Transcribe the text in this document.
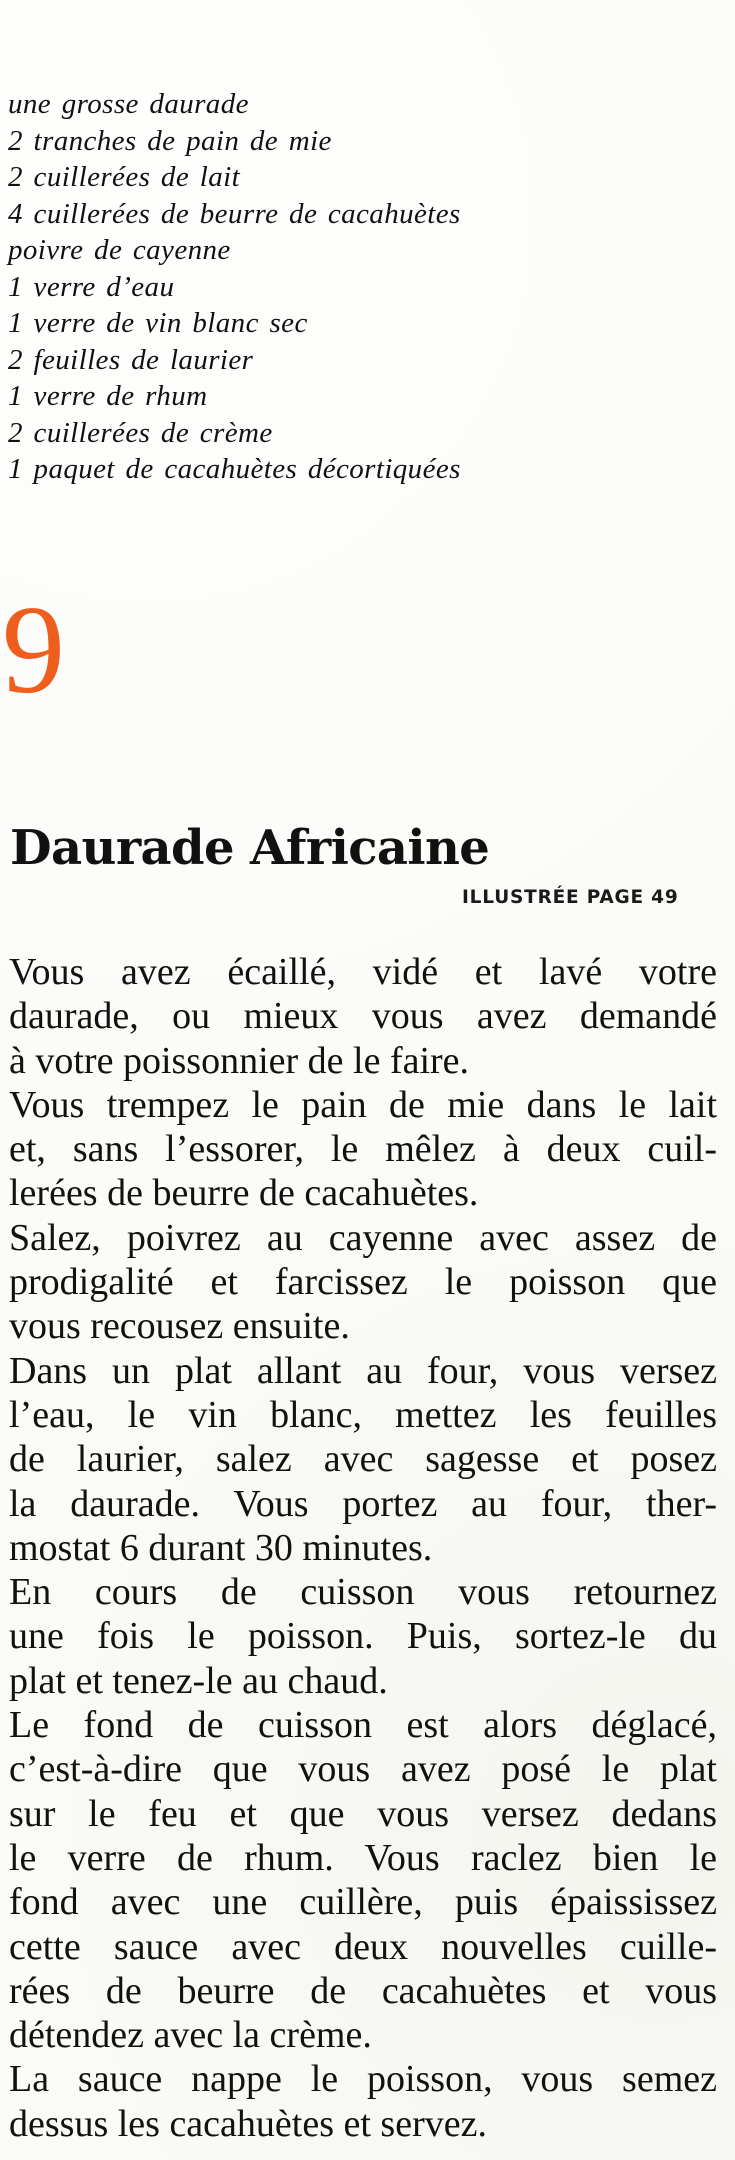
une grosse daurade
2 tranches de pain de mie
2 cuillerées de lait
4 cuillerées de beurre de cacahuètes
poivre de cayenne
1 verre d’eau
1 verre de vin blanc sec
2 feuilles de laurier
1 verre de rhum
2 cuillerées de crème
1 paquet de cacahuètes décortiquées
9
Daurade Africaine
ILLUSTRÉE PAGE 49
Vous avez écaillé, vidé et lavé votre
daurade, ou mieux vous avez demandé
à votre poissonnier de le faire.
Vous trempez le pain de mie dans le lait
et, sans l’essorer, le mêlez à deux cuil-
lerées de beurre de cacahuètes.
Salez, poivrez au cayenne avec assez de
prodigalité et farcissez le poisson que
vous recousez ensuite.
Dans un plat allant au four, vous versez
l’eau, le vin blanc, mettez les feuilles
de laurier, salez avec sagesse et posez
la daurade. Vous portez au four, ther-
mostat 6 durant 30 minutes.
En cours de cuisson vous retournez
une fois le poisson. Puis, sortez-le du
plat et tenez-le au chaud.
Le fond de cuisson est alors déglacé,
c’est-à-dire que vous avez posé le plat
sur le feu et que vous versez dedans
le verre de rhum. Vous raclez bien le
fond avec une cuillère, puis épaississez
cette sauce avec deux nouvelles cuille-
rées de beurre de cacahuètes et vous
détendez avec la crème.
La sauce nappe le poisson, vous semez
dessus les cacahuètes et servez.
